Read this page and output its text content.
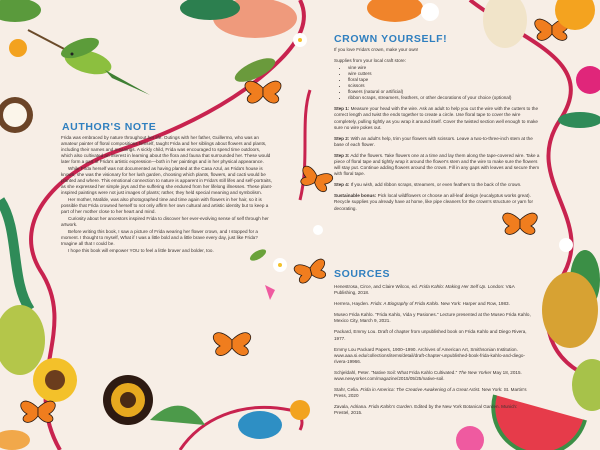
AUTHOR'S NOTE

Frida was embraced by nature throughout her life. Outings with her father, Guillermo, who was an amateur painter of floral compositions himself, taught Frida and her siblings about flowers and plants, including their names and meanings. A sickly child, Frida was encouraged to spend time outdoors, which also cultivated an interest in learning about the flora and fauna that surrounded her. These would later form a part of Frida's artistic expression—both in her paintings and in her physical appearance.

While Frida herself was not documented as having planted at the Casa Azul, as Frida's house is known, she was the visionary for her lush garden, choosing which plants, flowers, and cacti would be planted and where. This emotional connection to nature is apparent in Frida's still lifes and self-portraits, as she expressed her simple joys and the suffering she endured from her lifelong illnesses. These plant-inspired paintings were not just images of plants; rather, they held special meaning and symbolism.

Her mother, Matilde, was also photographed time and time again with flowers in her hair, so it is possible that Frida crowned herself to not only affirm her own cultural and artistic identity but to keep a part of her mother close to her heart and mind.

Curiosity about her ancestors inspired Frida to discover her ever-evolving sense of self through her artwork.

Before writing this book, I saw a picture of Frida wearing her flower crown, and I stopped for a moment. I thought to myself, What if I was a little bold and a little brave every day, just like Frida? Imagine all that I could be.

I hope this book will empower YOU to feel a little braver and bolder, too.

CROWN YOURSELF!

If you love Frida's crown, make your own!

Supplies from your local craft store:

• vine wire
• wire cutters
• floral tape
• scissors
• flowers (natural or artificial)
• ribbon scraps, streamers, feathers, or other decorations of your choice (optional)

Step 1: Measure your head with the wire. Ask an adult to help you cut the wire with the cutters to the correct length and twist the ends together to create a circle. Use floral tape to cover the wire completely, pulling tightly as you wrap it around itself. Cover the twisted section well enough to make sure no wire pokes out.

Step 2: With an adult's help, trim your flowers with scissors. Leave a two-to-three-inch stem at the base of each flower.

Step 3: Add the flowers. Take flowers one at a time and lay them along the tape-covered wire. Take a piece of floral tape and tightly wrap it around the flower's stem and the wire to make sure the flowers will stay put. Continue adding flowers around the crown. Fill in any gaps with leaves and secure them with floral tape.

Step 4: If you wish, add ribbon scraps, streamers, or even feathers to the back of the crown.

Sustainable bonus: Pick local wildflowers or choose an all-leaf design (eucalyptus works great). Recycle supplies you already have at home, like pipe cleaners for the crown's structure or yarn for decorating.

SOURCES

Henestrosa, Circe, and Claire Wilcox, ed. Frida Kahlo: Making Her Self Up. London: V&A Publishing, 2018.

Herrera, Hayden. Frida: A Biography of Frida Kahlo. New York: Harper and Row, 1983.

Museo Frida Kahlo. "Frida Kahlo, Vida y Pasiones." Lecture presented at the Museo Frida Kahlo, Mexico City, March 9, 2021.

Packard, Emmy Lou. Draft of chapter from unpublished book on Frida Kahlo and Diego Rivera, 1977.

Emmy Lou Packard Papers, 1900–1990. Archives of American Art, Smithsonian Institution. www.aaa.si.edu/collections/items/detail/draft-chapter-unpublished-book-frida-kahlo-and-diego-rivera-19966.

Schjeldahl, Peter. "Native Soil: What Frida Kahlo Cultivated." The New Yorker May 18, 2015. www.newyorker.com/magazine/2015/05/25/native-soil.

Stahr, Celia. Frida in America: The Creative Awakening of a Great Artist. New York: St. Martin's Press, 2020

Zavala, Adriana. Frida Kahlo's Garden. Edited by the New York Botanical Garden. Munich: Prestel, 2015.
